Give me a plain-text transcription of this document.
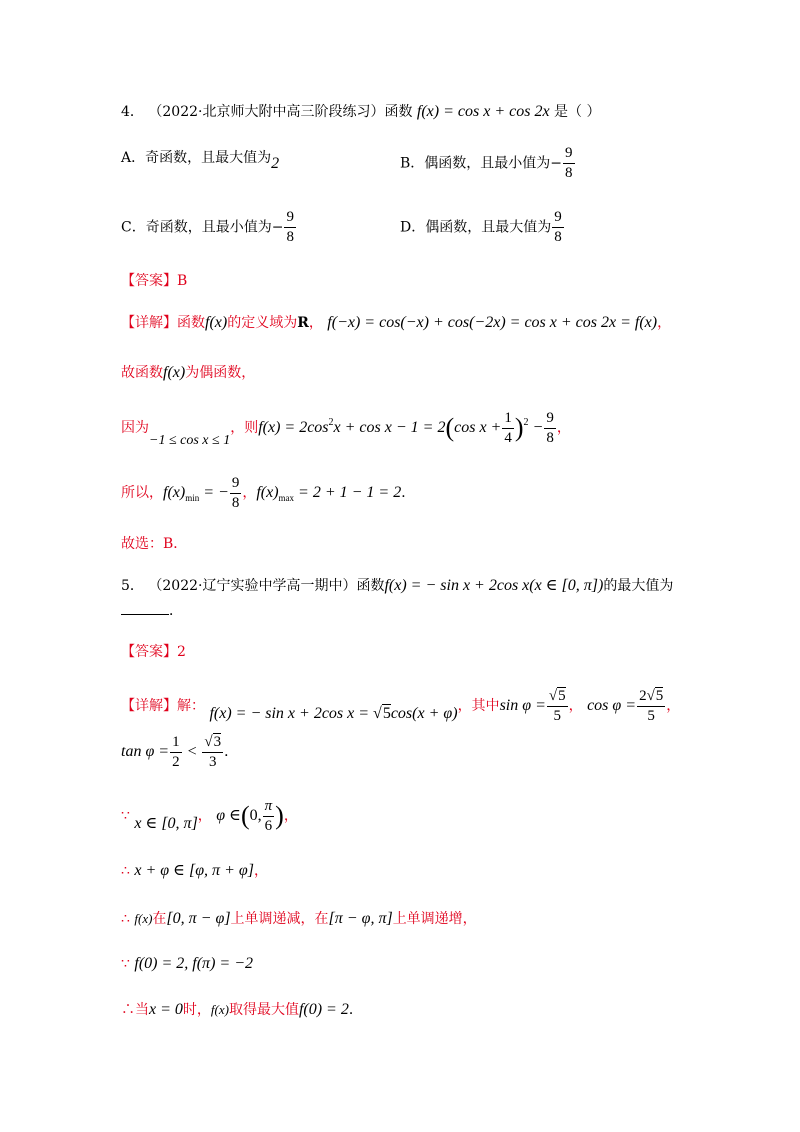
4． （2022·北京师大附中高三阶段练习）函数 f(x) = cos x + cos 2x 是（ ）
A．奇函数，且最大值为2	B．偶函数，且最小值为− $\frac{9}{8}$
C．奇函数，且最小值为− $\frac{9}{8}$	D．偶函数，且最大值为 $\frac{9}{8}$
【答案】B
【详解】函数f(x)的定义域为R， f(−x) = cos(−x) + cos(−2x) = cos x + cos 2x = f(x)，
故函数f(x)为偶函数，
因为−1 ≤ cos x ≤ 1，则$f(x) = 2\cos^2x + \cos x - 1 = 2(\cos$ $x + \frac{1}{4} )^2 - \frac{9}{8}$ ，
所以，$f(x)_{min}$ = − $\frac{9}{8}$ ，$f(x)_{max} = 2 + 1 - 1 = 2$．
故选：B．
5． （2022·辽宁实验中学高一期中）函数f(x) = − sin x + 2cos x(x ∈ [0, π])的最大值为
．
【答案】2
【详解】解： f(x) = − sin x + 2cos x = √5cos(x + φ)，其中$\sin \varphi = \frac{√5}{5}$ ， $\cos \varphi = \frac{2√5}{5}$ ，
$\tan \varphi = \frac{1}{2} < \frac{√3}{3}$ ．
∵ x ∈ [0, π]， φ ∈(0, $\frac{\pi}{6}$ )，
∴ x + φ ∈ [φ, π + φ]，
∴ f(x)在[0, π − φ]上单调递减，在[π − φ, π]上单调递增，
∵ f(0) = 2, f(π) = −2
∴当x = 0时，f(x)取得最大值f(0) = 2．
